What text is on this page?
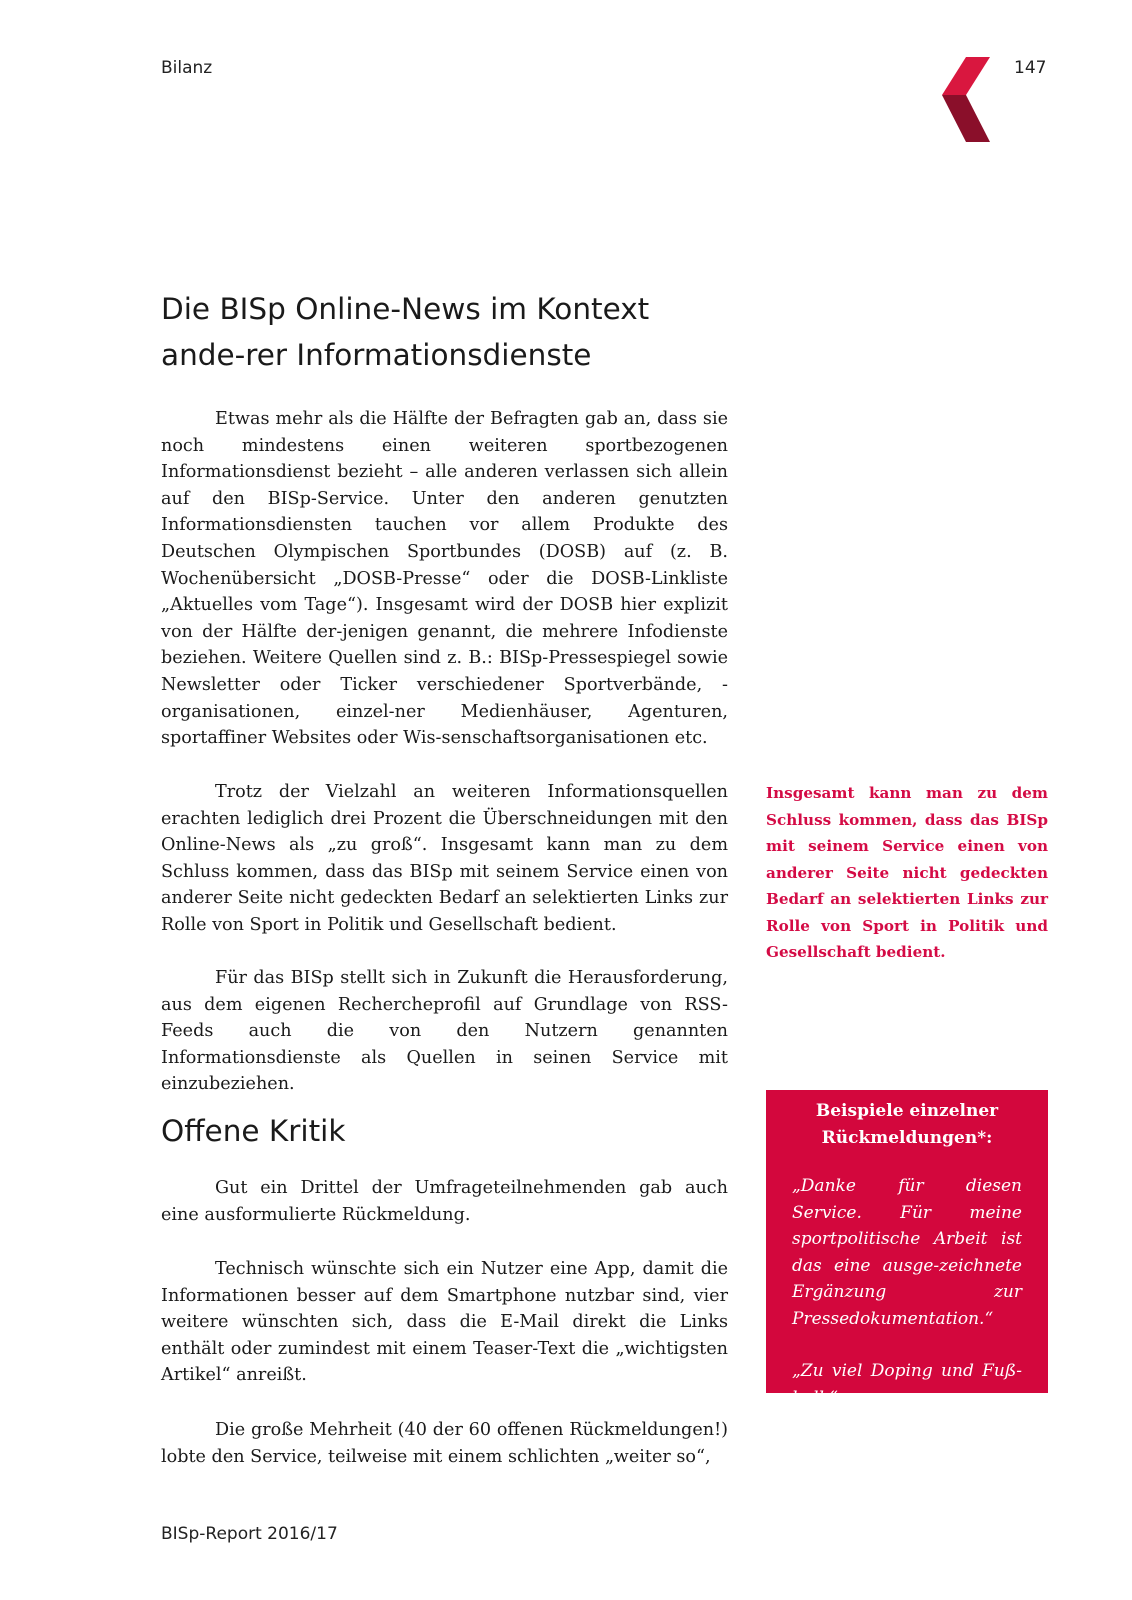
Bilanz	147
Die BISp Online-News im Kontext ande-rer Informationsdienste

Etwas mehr als die Hälfte der Befragten gab an, dass sie noch mindestens einen weiteren sportbezogenen Informationsdienst bezieht – alle anderen verlassen sich allein auf den BISp-Service. Unter den anderen genutzten Informationsdiensten tauchen vor allem Produkte des Deutschen Olympischen Sportbundes (DOSB) auf (z. B. Wochenübersicht „DOSB-Presse“ oder die DOSB-Linkliste „Aktuelles vom Tage“). Insgesamt wird der DOSB hier explizit von der Hälfte der-jenigen genannt, die mehrere Infodienste beziehen. Weitere Quellen sind z. B.: BISp-Pressespiegel sowie Newsletter oder Ticker verschiedener Sportverbände, -organisationen, einzel-ner Medienhäuser, Agenturen, sportaffiner Websites oder Wis-senschaftsorganisationen etc.

Trotz der Vielzahl an weiteren Informationsquellen erachten lediglich drei Prozent die Überschneidungen mit den Online-News als „zu groß“. Insgesamt kann man zu dem Schluss kommen, dass das BISp mit seinem Service einen von anderer Seite nicht gedeckten Bedarf an selektierten Links zur Rolle von Sport in Politik und Gesellschaft bedient.

Für das BISp stellt sich in Zukunft die Herausforderung, aus dem eigenen Rechercheprofil auf Grundlage von RSS-Feeds auch die von den Nutzern genannten Informationsdienste als Quellen in seinen Service mit einzubeziehen.

Insgesamt kann man zu dem Schluss kommen, dass das BISp mit seinem Service einen von anderer Seite nicht gedeckten Bedarf an selektierten Links zur Rolle von Sport in Politik und Gesellschaft bedient.

Offene Kritik

Gut ein Drittel der Umfrageteilnehmenden gab auch eine ausformulierte Rückmeldung.

Technisch wünschte sich ein Nutzer eine App, damit die Informationen besser auf dem Smartphone nutzbar sind, vier weitere wünschten sich, dass die E-Mail direkt die Links enthält oder zumindest mit einem Teaser-Text die „wichtigsten Artikel“ anreißt.

Die große Mehrheit (40 der 60 offenen Rückmeldungen!) lobte den Service, teilweise mit einem schlichten „weiter so“,

Beispiele einzelner Rückmeldungen*:

„Danke für diesen Service. Für meine sportpolitische Arbeit ist das eine ausge-zeichnete Ergänzung zur Pressedokumentation.“

„Zu viel Doping und Fuß-ball.“

BISp-Report 2016/17
